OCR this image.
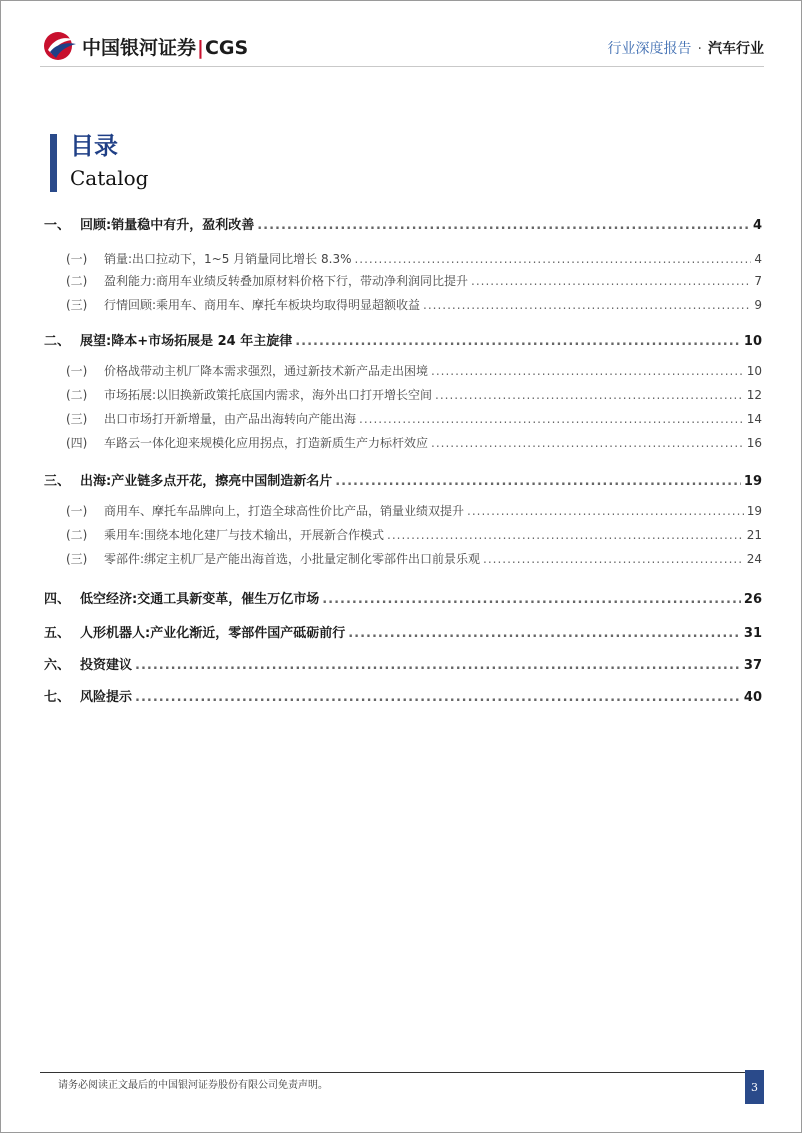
中国银河证券|CGS	行业深度报告 · 汽车行业
目录
Catalog
一、 回顾:销量稳中有升，盈利改善 .....	4
(一)	销量:出口拉动下，1~5 月销量同比增长 8.3% .....	4
(二)	盈利能力:商用车业绩反转叠加原材料价格下行，带动净利润同比提升 .....	7
(三)	行情回顾:乘用车、商用车、摩托车板块均取得明显超额收益 .....	9
二、 展望:降本+市场拓展是 24 年主旋律 .....	10
(一)	价格战带动主机厂降本需求强烈，通过新技术新产品走出困境 .....	10
(二)	市场拓展:以旧换新政策托底国内需求，海外出口打开增长空间 .....	12
(三)	出口市场打开新增量，由产品出海转向产能出海 .....	14
(四)	车路云一体化迎来规模化应用拐点，打造新质生产力标杆效应 .....	16
三、 出海:产业链多点开花，擦亮中国制造新名片 .....	19
(一)	商用车、摩托车品牌向上，打造全球高性价比产品，销量业绩双提升 .....	19
(二)	乘用车:围绕本地化建厂与技术输出，开展新合作模式 .....	21
(三)	零部件:绑定主机厂是产能出海首选，小批量定制化零部件出口前景乐观 .....	24
四、 低空经济:交通工具新变革，催生万亿市场 .....	26
五、 人形机器人:产业化渐近，零部件国产砥砺前行 .....	31
六、 投资建议 .....	37
七、 风险提示 .....	40
请务必阅读正文最后的中国银河证券股份有限公司免责声明。	3
